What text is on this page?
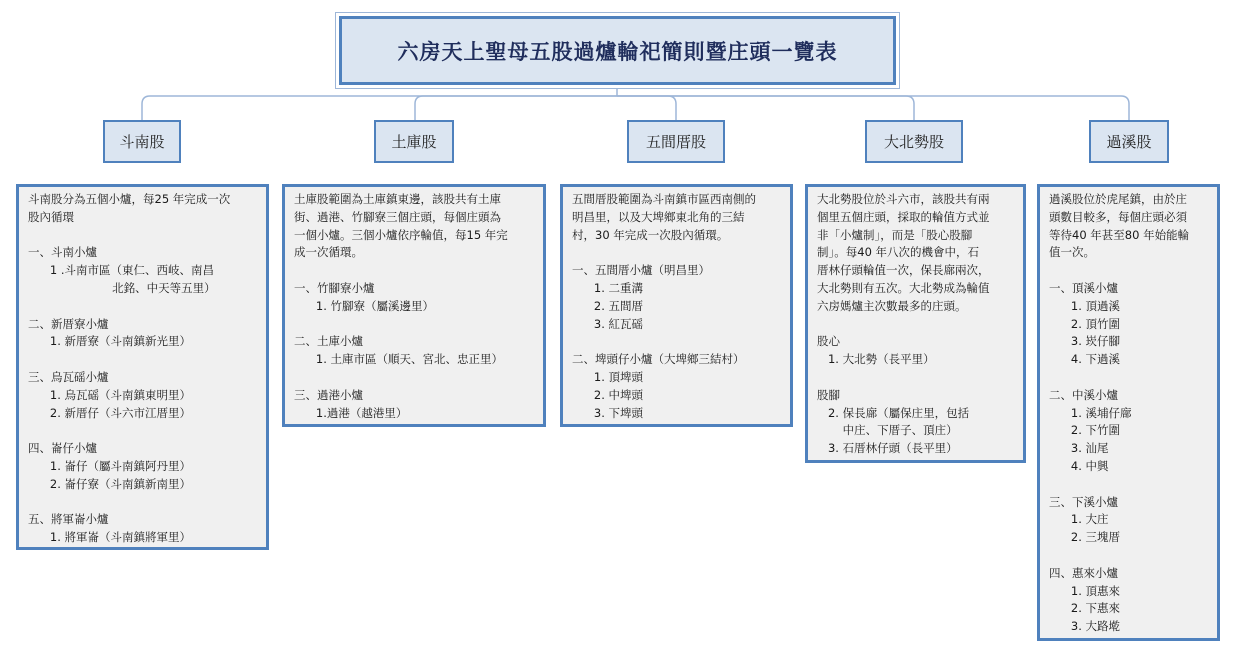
六房天上聖母五股過爐輪祀簡則暨庄頭一覽表
斗南股	土庫股	五間厝股	大北勢股	過溪股
斗南股分為五個小爐，每25 年完成一次
股內循環
一、斗南小爐
1 .斗南市區（東仁、西岐、南昌
北銘、中天等五里）
二、新厝寮小爐
1. 新厝寮（斗南鎮新光里）
三、烏瓦磘小爐
1. 烏瓦磘（斗南鎮東明里）
2. 新厝仔（斗六市江厝里）
四、崙仔小爐
1. 崙仔（屬斗南鎮阿丹里）
2. 崙仔寮（斗南鎮新南里）
五、將軍崙小爐
1. 將軍崙（斗南鎮將軍里）
土庫股範圍為土庫鎮東邊，該股共有土庫
街、過港、竹腳寮三個庄頭，每個庄頭為
一個小爐。三個小爐依序輪值，每15 年完
成一次循環。
一、竹腳寮小爐
1. 竹腳寮（屬溪邊里）
二、土庫小爐
1. 土庫市區（順天、宮北、忠正里）
三、過港小爐
1.過港（越港里）
五間厝股範圍為斗南鎮市區西南側的
明昌里，以及大埤鄉東北角的三結
村，30 年完成一次股內循環。
一、五間厝小爐（明昌里）
1. 二重溝
2. 五間厝
3. 紅瓦磘
二、埤頭仔小爐（大埤鄉三結村）
1. 頂埤頭
2. 中埤頭
3. 下埤頭
大北勢股位於斗六市，該股共有兩
個里五個庄頭，採取的輪值方式並
非「小爐制」，而是「股心股腳
制」。每40 年八次的機會中，石
厝林仔頭輪值一次，保長廍兩次，
大北勢則有五次。大北勢成為輪值
六房媽爐主次數最多的庄頭。
股心
1. 大北勢（長平里）
股腳
2. 保長廍（屬保庄里，包括
中庄、下厝子、頂庄）
3. 石厝林仔頭（長平里）
過溪股位於虎尾鎮，由於庄
頭數目較多，每個庄頭必須
等待40 年甚至80 年始能輪
值一次。
一、頂溪小爐
1. 頂過溪
2. 頂竹圍
3. 崁仔腳
4. 下過溪
二、中溪小爐
1. 溪埔仔廍
2. 下竹圍
3. 汕尾
4. 中興
三、下溪小爐
1. 大庄
2. 三塊厝
四、惠來小爐
1. 頂惠來
2. 下惠來
3. 大路墘
